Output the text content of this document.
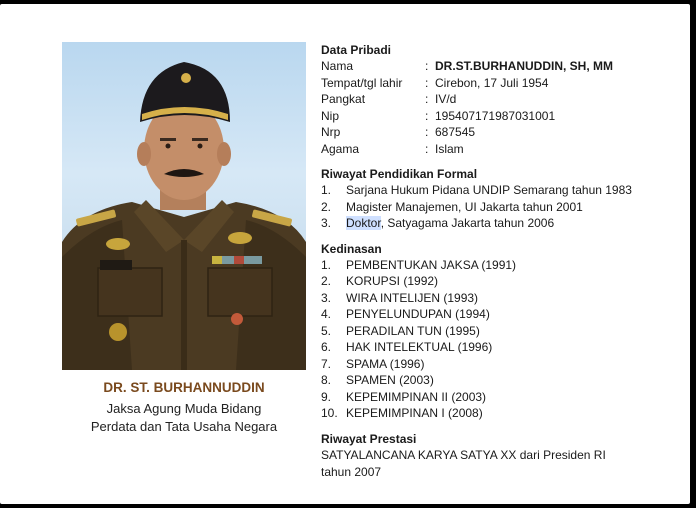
DR. ST. BURHANNUDDIN
Jaksa Agung Muda Bidang
Perdata dan Tata Usaha Negara
Data Pribadi
Nama	: DR.ST.BURHANUDDIN, SH, MM
Tempat/tgl lahir	: Cirebon, 17 Juli 1954
Pangkat	: IV/d
Nip	: 195407171987031001
Nrp	: 687545
Agama	: Islam
Riwayat Pendidikan Formal
1.	Sarjana Hukum Pidana UNDIP Semarang tahun 1983
2.	Magister Manajemen, UI Jakarta tahun 2001
3.	Doktor, Satyagama Jakarta tahun 2006
Kedinasan
1.	PEMBENTUKAN JAKSA (1991)
2.	KORUPSI (1992)
3.	WIRA INTELIJEN (1993)
4.	PENYELUNDUPAN (1994)
5.	PERADILAN TUN (1995)
6.	HAK INTELEKTUAL (1996)
7.	SPAMA (1996)
8.	SPAMEN (2003)
9.	KEPEMIMPINAN II (2003)
10. KEPEMIMPINAN I (2008)
Riwayat Prestasi
SATYALANCANA KARYA SATYA XX dari Presiden RI
tahun 2007
